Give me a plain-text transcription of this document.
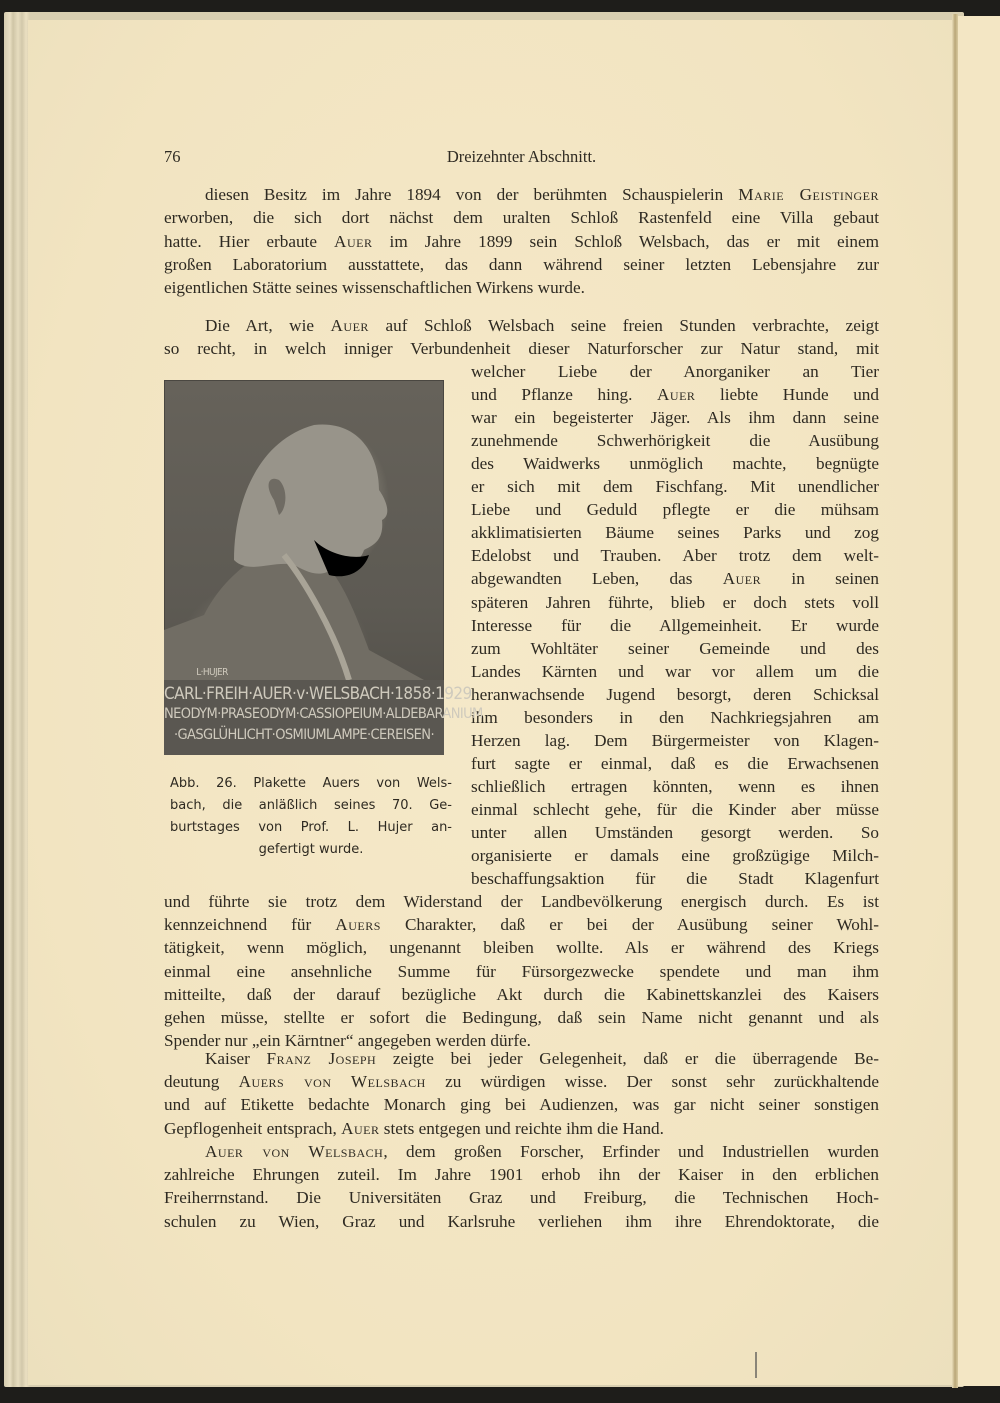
76	Dreizehnter Abschnitt.
diesen Besitz im Jahre 1894 von der berühmten Schauspielerin Marie Geistinger
erworben, die sich dort nächst dem uralten Schloß Rastenfeld eine Villa gebaut
hatte. Hier erbaute Auer im Jahre 1899 sein Schloß Welsbach, das er mit einem
großen Laboratorium ausstattete, das dann während seiner letzten Lebensjahre zur
eigentlichen Stätte seines wissenschaftlichen Wirkens wurde.
Die Art, wie Auer auf Schloß Welsbach seine freien Stunden verbrachte, zeigt
so recht, in welch inniger Verbundenheit dieser Naturforscher zur Natur stand, mit
welcher Liebe der Anorganiker an Tier
und Pflanze hing. Auer liebte Hunde und
war ein begeisterter Jäger. Als ihm dann seine
zunehmende Schwerhörigkeit die Ausübung
des Waidwerks unmöglich machte, begnügte
er sich mit dem Fischfang. Mit unendlicher
Liebe und Geduld pflegte er die mühsam
akklimatisierten Bäume seines Parks und zog
Edelobst und Trauben. Aber trotz dem welt-
abgewandten Leben, das Auer in seinen
späteren Jahren führte, blieb er doch stets voll
Interesse für die Allgemeinheit. Er wurde
zum Wohltäter seiner Gemeinde und des
Landes Kärnten und war vor allem um die
heranwachsende Jugend besorgt, deren Schicksal
ihm besonders in den Nachkriegsjahren am
Herzen lag. Dem Bürgermeister von Klagen-
furt sagte er einmal, daß es die Erwachsenen
schließlich ertragen könnten, wenn es ihnen
einmal schlecht gehe, für die Kinder aber müsse
unter allen Umständen gesorgt werden. So
organisierte er damals eine großzügige Milch-
beschaffungsaktion für die Stadt Klagenfurt
und führte sie trotz dem Widerstand der Landbevölkerung energisch durch. Es ist
kennzeichnend für Auers Charakter, daß er bei der Ausübung seiner Wohl-
tätigkeit, wenn möglich, ungenannt bleiben wollte. Als er während des Kriegs
einmal eine ansehnliche Summe für Fürsorgezwecke spendete und man ihm
mitteilte, daß der darauf bezügliche Akt durch die Kabinettskanzlei des Kaisers
gehen müsse, stellte er sofort die Bedingung, daß sein Name nicht genannt und als
Spender nur „ein Kärntner“ angegeben werden dürfe.
Kaiser Franz Joseph zeigte bei jeder Gelegenheit, daß er die überragende Be-
deutung Auers von Welsbach zu würdigen wisse. Der sonst sehr zurückhaltende
und auf Etikette bedachte Monarch ging bei Audienzen, was gar nicht seiner sonstigen
Gepflogenheit entsprach, Auer stets entgegen und reichte ihm die Hand.
Auer von Welsbach, dem großen Forscher, Erfinder und Industriellen wurden
zahlreiche Ehrungen zuteil. Im Jahre 1901 erhob ihn der Kaiser in den erblichen
Freiherrnstand. Die Universitäten Graz und Freiburg, die Technischen Hoch-
schulen zu Wien, Graz und Karlsruhe verliehen ihm ihre Ehrendoktorate, die
L·HUJER
CARL·FREIH·AUER·v·WELSBACH·1858·1929
NEODYM·PRASEODYM·CASSIOPEIUM·ALDEBARANIUM
·GASGLÜHLICHT·OSMIUMLAMPE·CEREISEN·
Abb. 26. Plakette Auers von Wels-
bach, die anläßlich seines 70. Ge-
burtstages von Prof. L. Hujer an-
gefertigt wurde.
